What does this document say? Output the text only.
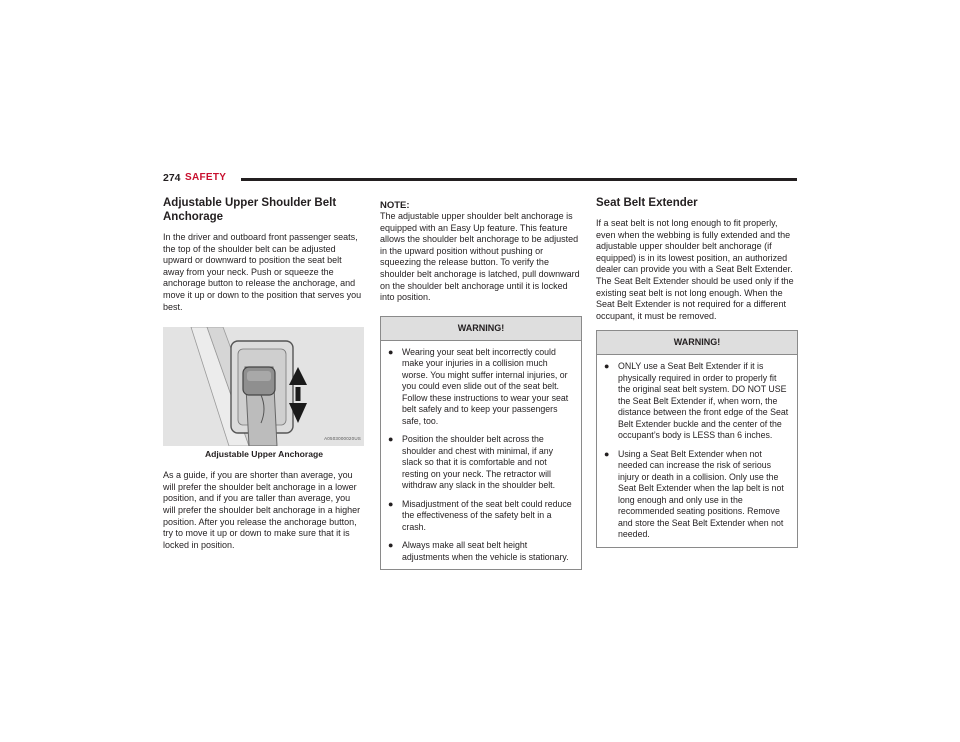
274 SAFETY
Adjustable Upper Shoulder Belt Anchorage

In the driver and outboard front passenger seats, the top of the shoulder belt can be adjusted upward or downward to position the seat belt away from your neck. Push or squeeze the anchorage button to release the anchorage, and move it up or down to the position that serves you best.

A0503000020US
Adjustable Upper Anchorage

As a guide, if you are shorter than average, you will prefer the shoulder belt anchorage in a lower position, and if you are taller than average, you will prefer the shoulder belt anchorage in a higher position. After you release the anchorage button, try to move it up or down to make sure that it is locked in position.

NOTE:

The adjustable upper shoulder belt anchorage is equipped with an Easy Up feature. This feature allows the shoulder belt anchorage to be adjusted in the upward position without pushing or squeezing the release button. To verify the shoulder belt anchorage is latched, pull downward on the shoulder belt anchorage until it is locked into position.

WARNING!
● Wearing your seat belt incorrectly could make your injuries in a collision much worse. You might suffer internal injuries, or you could even slide out of the seat belt. Follow these instructions to wear your seat belt safely and to keep your passengers safe, too.
● Position the shoulder belt across the shoulder and chest with minimal, if any slack so that it is comfortable and not resting on your neck. The retractor will withdraw any slack in the shoulder belt.
● Misadjustment of the seat belt could reduce the effectiveness of the safety belt in a crash.
● Always make all seat belt height adjustments when the vehicle is stationary.
Seat Belt Extender

If a seat belt is not long enough to fit properly, even when the webbing is fully extended and the adjustable upper shoulder belt anchorage (if equipped) is in its lowest position, an authorized dealer can provide you with a Seat Belt Extender. The Seat Belt Extender should be used only if the existing seat belt is not long enough. When the Seat Belt Extender is not required for a different occupant, it must be removed.

WARNING!
● ONLY use a Seat Belt Extender if it is physically required in order to properly fit the original seat belt system. DO NOT USE the Seat Belt Extender if, when worn, the distance between the front edge of the Seat Belt Extender buckle and the center of the occupant’s body is LESS than 6 inches.
● Using a Seat Belt Extender when not needed can increase the risk of serious injury or death in a collision. Only use the Seat Belt Extender when the lap belt is not long enough and only use in the recommended seating positions. Remove and store the Seat Belt Extender when not needed.
